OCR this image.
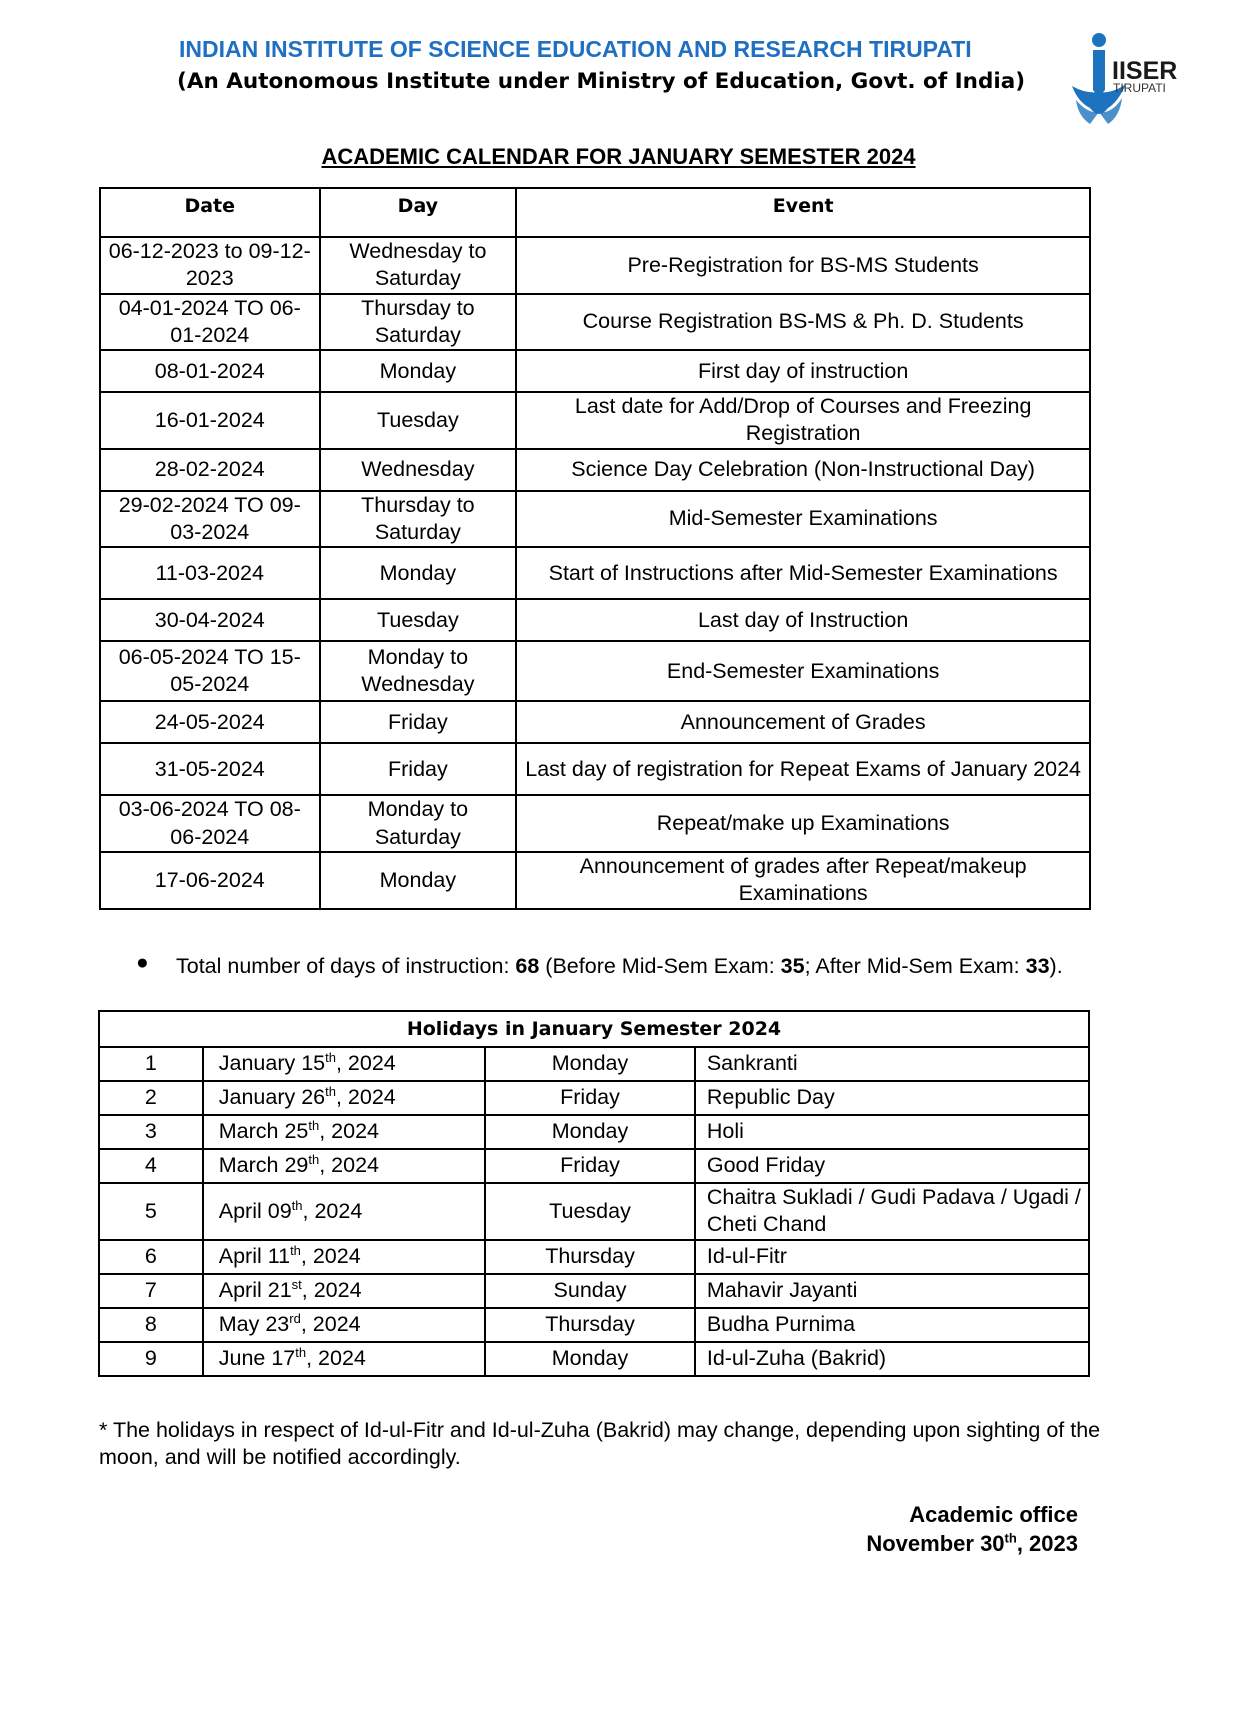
INDIAN INSTITUTE OF SCIENCE EDUCATION AND RESEARCH TIRUPATI
(An Autonomous Institute under Ministry of Education, Govt. of India)	IISER
TIRUPATI
ACADEMIC CALENDAR FOR JANUARY SEMESTER 2024
Date	Day	Event
06-12-2023 to 09-12-2023	Wednesday to Saturday	Pre-Registration for BS-MS Students
04-01-2024 TO 06-01-2024	Thursday to Saturday	Course Registration BS-MS & Ph. D. Students
08-01-2024	Monday	First day of instruction
16-01-2024	Tuesday	Last date for Add/Drop of Courses and Freezing Registration
28-02-2024	Wednesday	Science Day Celebration (Non-Instructional Day)
29-02-2024 TO 09-03-2024	Thursday to Saturday	Mid-Semester Examinations
11-03-2024	Monday	Start of Instructions after Mid-Semester Examinations
30-04-2024	Tuesday	Last day of Instruction
06-05-2024 TO 15-05-2024	Monday to Wednesday	End-Semester Examinations
24-05-2024	Friday	Announcement of Grades
31-05-2024	Friday	Last day of registration for Repeat Exams of January 2024
03-06-2024 TO 08-06-2024	Monday to Saturday	Repeat/make up Examinations
17-06-2024	Monday	Announcement of grades after Repeat/makeup Examinations
● Total number of days of instruction: 68 (Before Mid-Sem Exam: 35; After Mid-Sem Exam: 33).
Holidays in January Semester 2024			
1	January 15th, 2024	Monday	Sankranti
2	January 26th, 2024	Friday	Republic Day
3	March 25th, 2024	Monday	Holi
4	March 29th, 2024	Friday	Good Friday
5	April 09th, 2024	Tuesday	Chaitra Sukladi / Gudi Padava / Ugadi / Cheti Chand
6	April 11th, 2024	Thursday	Id-ul-Fitr
7	April 21st, 2024	Sunday	Mahavir Jayanti
8	May 23rd, 2024	Thursday	Budha Purnima
9	June 17th, 2024	Monday	Id-ul-Zuha (Bakrid)
* The holidays in respect of Id-ul-Fitr and Id-ul-Zuha (Bakrid) may change, depending upon sighting of the moon, and will be notified accordingly.
Academic office
November 30th, 2023
